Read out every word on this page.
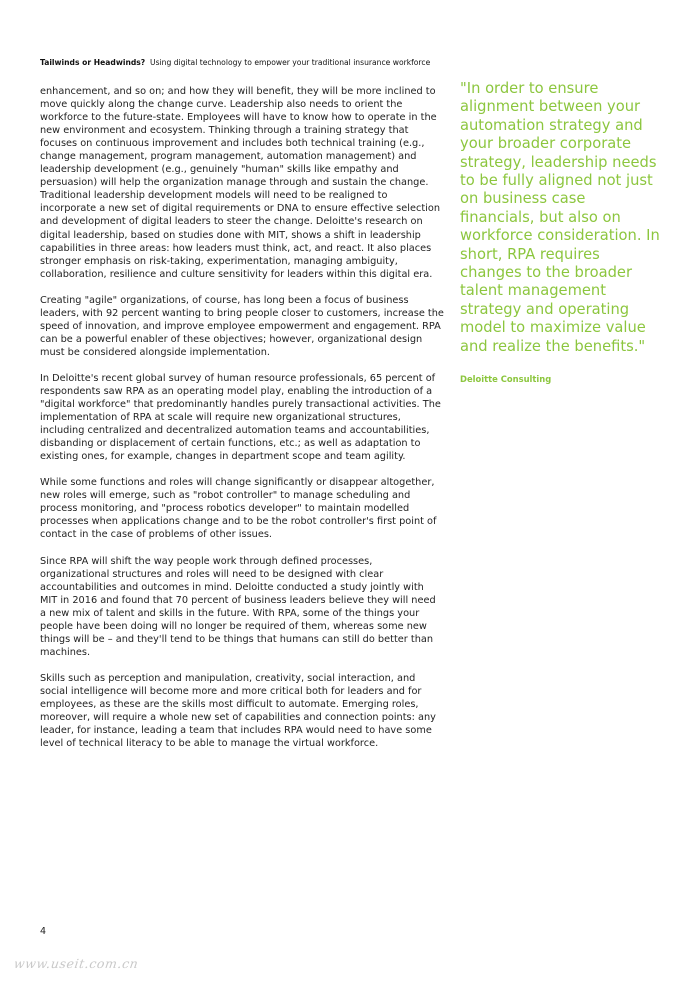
Tailwinds or Headwinds? Using digital technology to empower your traditional insurance workforce

enhancement, and so on; and how they will benefit, they will be more inclined to move quickly along the change curve. Leadership also needs to orient the workforce to the future-state. Employees will have to know how to operate in the new environment and ecosystem. Thinking through a training strategy that focuses on continuous improvement and includes both technical training (e.g., change management, program management, automation management) and leadership development (e.g., genuinely "human" skills like empathy and persuasion) will help the organization manage through and sustain the change. Traditional leadership development models will need to be realigned to incorporate a new set of digital requirements or DNA to ensure effective selection and development of digital leaders to steer the change. Deloitte's research on digital leadership, based on studies done with MIT, shows a shift in leadership capabilities in three areas: how leaders must think, act, and react. It also places stronger emphasis on risk-taking, experimentation, managing ambiguity, collaboration, resilience and culture sensitivity for leaders within this digital era.

Creating "agile" organizations, of course, has long been a focus of business leaders, with 92 percent wanting to bring people closer to customers, increase the speed of innovation, and improve employee empowerment and engagement. RPA can be a powerful enabler of these objectives; however, organizational design must be considered alongside implementation.

In Deloitte's recent global survey of human resource professionals, 65 percent of respondents saw RPA as an operating model play, enabling the introduction of a "digital workforce" that predominantly handles purely transactional activities. The implementation of RPA at scale will require new organizational structures, including centralized and decentralized automation teams and accountabilities, disbanding or displacement of certain functions, etc.; as well as adaptation to existing ones, for example, changes in department scope and team agility.

While some functions and roles will change significantly or disappear altogether, new roles will emerge, such as "robot controller" to manage scheduling and process monitoring, and "process robotics developer" to maintain modelled processes when applications change and to be the robot controller's first point of contact in the case of problems of other issues.

Since RPA will shift the way people work through defined processes, organizational structures and roles will need to be designed with clear accountabilities and outcomes in mind. Deloitte conducted a study jointly with MIT in 2016 and found that 70 percent of business leaders believe they will need a new mix of talent and skills in the future. With RPA, some of the things your people have been doing will no longer be required of them, whereas some new things will be – and they'll tend to be things that humans can still do better than machines.

Skills such as perception and manipulation, creativity, social interaction, and social intelligence will become more and more critical both for leaders and for employees, as these are the skills most difficult to automate. Emerging roles, moreover, will require a whole new set of capabilities and connection points: any leader, for instance, leading a team that includes RPA would need to have some level of technical literacy to be able to manage the virtual workforce.

"In order to ensure alignment between your automation strategy and your broader corporate strategy, leadership needs to be fully aligned not just on business case financials, but also on workforce consideration. In short, RPA requires changes to the broader talent management strategy and operating model to maximize value and realize the benefits."
Deloitte Consulting
4
www.useit.com.cn
